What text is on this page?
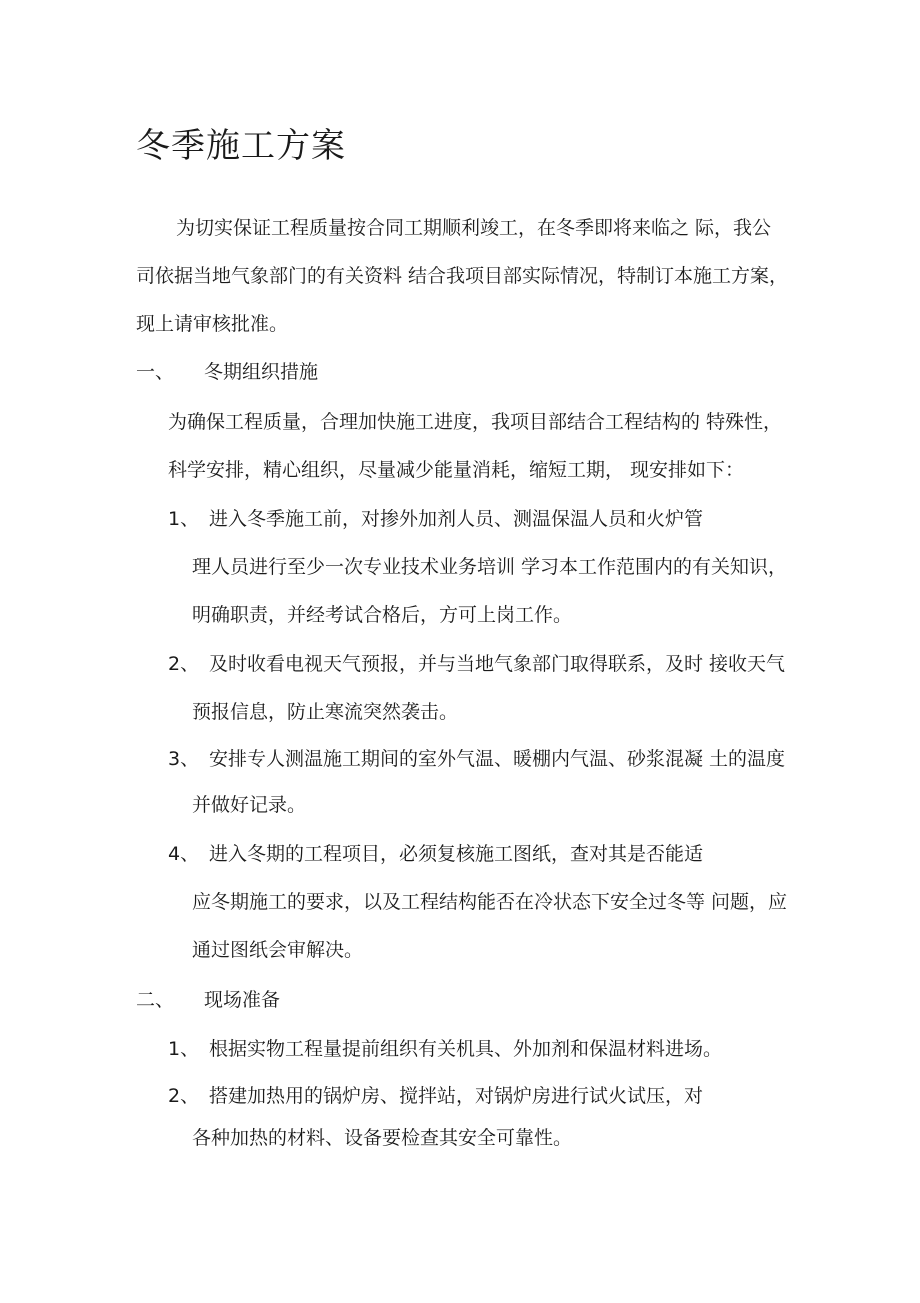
冬季施工方案
为切实保证工程质量按合同工期顺利竣工，在冬季即将来临之 际，我公
司依据当地气象部门的有关资料 结合我项目部实际情况，特制订本施工方案，
现上请审核批准。
一、 冬期组织措施
为确保工程质量，合理加快施工进度，我项目部结合工程结构的 特殊性，
科学安排，精心组织，尽量减少能量消耗，缩短工期， 现安排如下：
1、 进入冬季施工前，对掺外加剂人员、测温保温人员和火炉管
理人员进行至少一次专业技术业务培训 学习本工作范围内的有关知识，
明确职责，并经考试合格后，方可上岗工作。
2、 及时收看电视天气预报，并与当地气象部门取得联系，及时 接收天气
预报信息，防止寒流突然袭击。
3、 安排专人测温施工期间的室外气温、暖棚内气温、砂浆混凝 土的温度
并做好记录。
4、 进入冬期的工程项目，必须复核施工图纸，查对其是否能适
应冬期施工的要求，以及工程结构能否在冷状态下安全过冬等 问题，应
通过图纸会审解决。
二、 现场准备
1、 根据实物工程量提前组织有关机具、外加剂和保温材料进场。
2、 搭建加热用的锅炉房、搅拌站，对锅炉房进行试火试压，对
各种加热的材料、设备要检查其安全可靠性。
